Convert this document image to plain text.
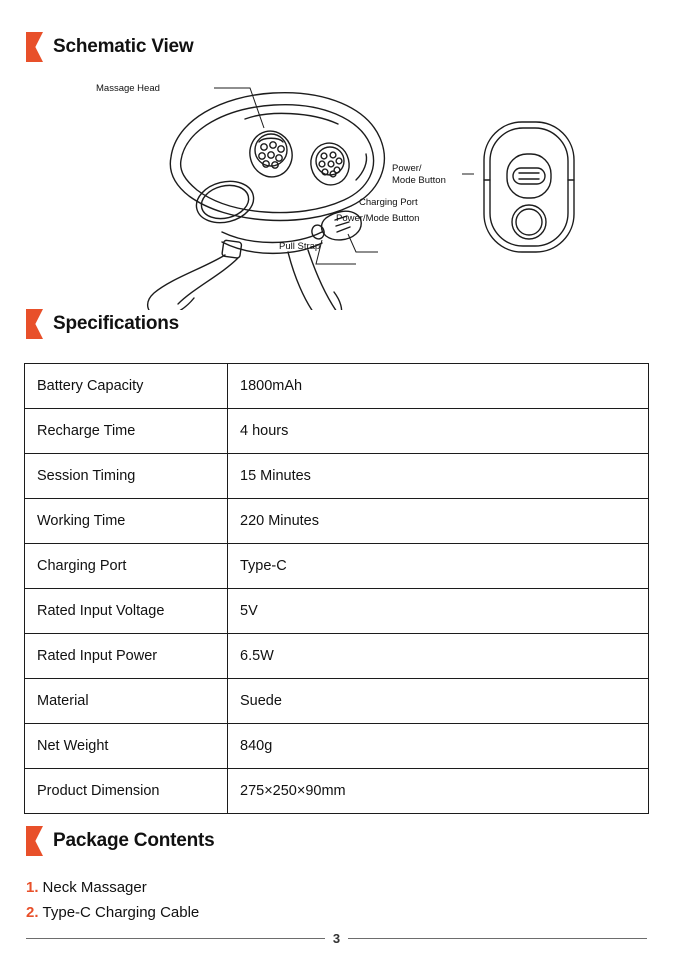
Schematic View
Massage Head
Charging Port
Power/Mode Button
Pull Strap
Power/
Mode Button
Specifications
Battery Capacity	1800mAh
Recharge Time	4 hours
Session Timing	15 Minutes
Working Time	220 Minutes
Charging Port	Type-C
Rated Input Voltage	5V
Rated Input Power	6.5W
Material	Suede
Net Weight	840g
Product Dimension	275×250×90mm
Package Contents
1. Neck Massager
2. Type-C Charging Cable
3
